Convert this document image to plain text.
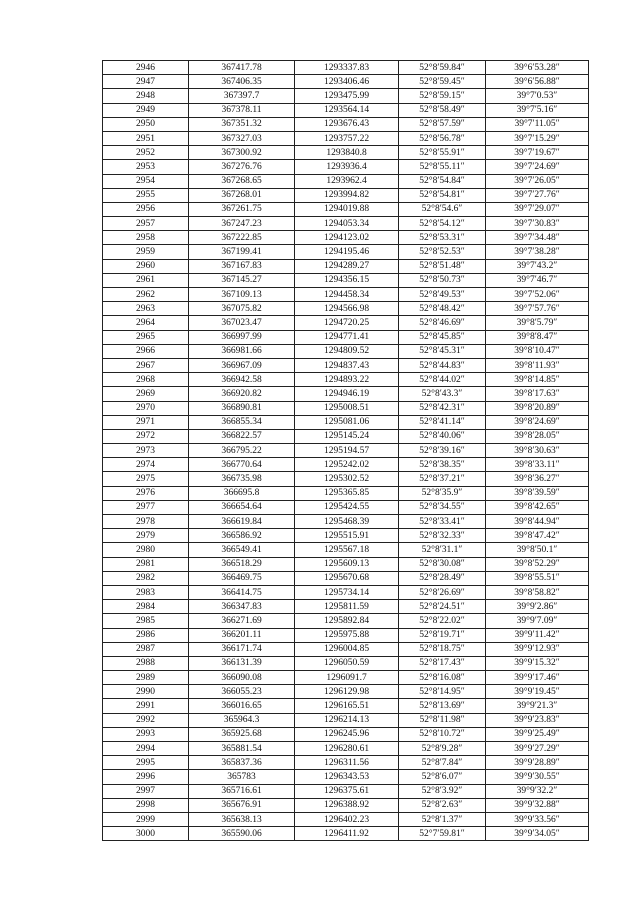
2946	367417.78	1293337.83	52°8′59.84″	39°6′53.28″
2947	367406.35	1293406.46	52°8′59.45″	39°6′56.88″
2948	367397.7	1293475.99	52°8′59.15″	39°7′0.53″
2949	367378.11	1293564.14	52°8′58.49″	39°7′5.16″
2950	367351.32	1293676.43	52°8′57.59″	39°7′11.05″
2951	367327.03	1293757.22	52°8′56.78″	39°7′15.29″
2952	367300.92	1293840.8	52°8′55.91″	39°7′19.67″
2953	367276.76	1293936.4	52°8′55.11″	39°7′24.69″
2954	367268.65	1293962.4	52°8′54.84″	39°7′26.05″
2955	367268.01	1293994.82	52°8′54.81″	39°7′27.76″
2956	367261.75	1294019.88	52°8′54.6″	39°7′29.07″
2957	367247.23	1294053.34	52°8′54.12″	39°7′30.83″
2958	367222.85	1294123.02	52°8′53.31″	39°7′34.48″
2959	367199.41	1294195.46	52°8′52.53″	39°7′38.28″
2960	367167.83	1294289.27	52°8′51.48″	39°7′43.2″
2961	367145.27	1294356.15	52°8′50.73″	39°7′46.7″
2962	367109.13	1294458.34	52°8′49.53″	39°7′52.06″
2963	367075.82	1294566.98	52°8′48.42″	39°7′57.76″
2964	367023.47	1294720.25	52°8′46.69″	39°8′5.79″
2965	366997.99	1294771.41	52°8′45.85″	39°8′8.47″
2966	366981.66	1294809.52	52°8′45.31″	39°8′10.47″
2967	366967.09	1294837.43	52°8′44.83″	39°8′11.93″
2968	366942.58	1294893.22	52°8′44.02″	39°8′14.85″
2969	366920.82	1294946.19	52°8′43.3″	39°8′17.63″
2970	366890.81	1295008.51	52°8′42.31″	39°8′20.89″
2971	366855.34	1295081.06	52°8′41.14″	39°8′24.69″
2972	366822.57	1295145.24	52°8′40.06″	39°8′28.05″
2973	366795.22	1295194.57	52°8′39.16″	39°8′30.63″
2974	366770.64	1295242.02	52°8′38.35″	39°8′33.11″
2975	366735.98	1295302.52	52°8′37.21″	39°8′36.27″
2976	366695.8	1295365.85	52°8′35.9″	39°8′39.59″
2977	366654.64	1295424.55	52°8′34.55″	39°8′42.65″
2978	366619.84	1295468.39	52°8′33.41″	39°8′44.94″
2979	366586.92	1295515.91	52°8′32.33″	39°8′47.42″
2980	366549.41	1295567.18	52°8′31.1″	39°8′50.1″
2981	366518.29	1295609.13	52°8′30.08″	39°8′52.29″
2982	366469.75	1295670.68	52°8′28.49″	39°8′55.51″
2983	366414.75	1295734.14	52°8′26.69″	39°8′58.82″
2984	366347.83	1295811.59	52°8′24.51″	39°9′2.86″
2985	366271.69	1295892.84	52°8′22.02″	39°9′7.09″
2986	366201.11	1295975.88	52°8′19.71″	39°9′11.42″
2987	366171.74	1296004.85	52°8′18.75″	39°9′12.93″
2988	366131.39	1296050.59	52°8′17.43″	39°9′15.32″
2989	366090.08	1296091.7	52°8′16.08″	39°9′17.46″
2990	366055.23	1296129.98	52°8′14.95″	39°9′19.45″
2991	366016.65	1296165.51	52°8′13.69″	39°9′21.3″
2992	365964.3	1296214.13	52°8′11.98″	39°9′23.83″
2993	365925.68	1296245.96	52°8′10.72″	39°9′25.49″
2994	365881.54	1296280.61	52°8′9.28″	39°9′27.29″
2995	365837.36	1296311.56	52°8′7.84″	39°9′28.89″
2996	365783	1296343.53	52°8′6.07″	39°9′30.55″
2997	365716.61	1296375.61	52°8′3.92″	39°9′32.2″
2998	365676.91	1296388.92	52°8′2.63″	39°9′32.88″
2999	365638.13	1296402.23	52°8′1.37″	39°9′33.56″
3000	365590.06	1296411.92	52°7′59.81″	39°9′34.05″
